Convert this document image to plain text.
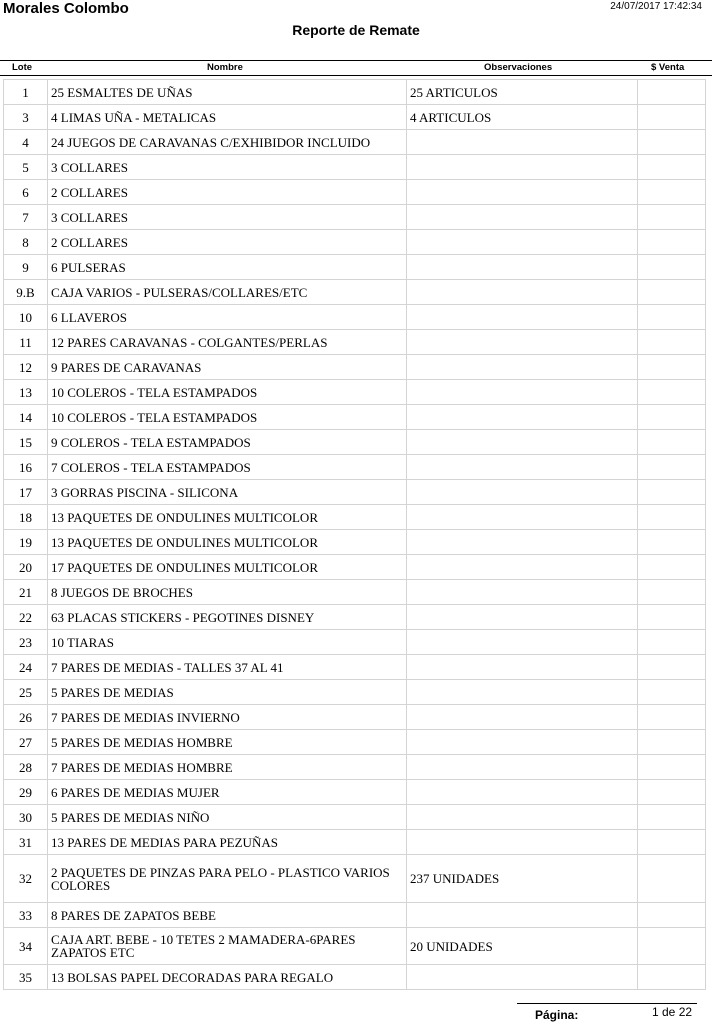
Morales Colombo	24/07/2017 17:42:34
Reporte de Remate
Lote	Nombre	Observaciones	$ Venta
1	25 ESMALTES DE UÑAS	25 ARTICULOS	
3	4 LIMAS UÑA - METALICAS	4 ARTICULOS	
4	24 JUEGOS DE CARAVANAS C/EXHIBIDOR INCLUIDO		
5	3 COLLARES		
6	2 COLLARES		
7	3 COLLARES		
8	2 COLLARES		
9	6 PULSERAS		
9.B	CAJA VARIOS - PULSERAS/COLLARES/ETC		
10	6 LLAVEROS		
11	12 PARES CARAVANAS - COLGANTES/PERLAS		
12	9 PARES DE CARAVANAS		
13	10 COLEROS - TELA ESTAMPADOS		
14	10 COLEROS - TELA ESTAMPADOS		
15	9 COLEROS - TELA ESTAMPADOS		
16	7 COLEROS - TELA ESTAMPADOS		
17	3 GORRAS PISCINA - SILICONA		
18	13 PAQUETES DE ONDULINES MULTICOLOR		
19	13 PAQUETES DE ONDULINES MULTICOLOR		
20	17 PAQUETES DE ONDULINES MULTICOLOR		
21	8 JUEGOS DE BROCHES		
22	63 PLACAS STICKERS - PEGOTINES DISNEY		
23	10 TIARAS		
24	7 PARES DE MEDIAS - TALLES 37 AL 41		
25	5 PARES DE MEDIAS		
26	7 PARES DE MEDIAS INVIERNO		
27	5 PARES DE MEDIAS HOMBRE		
28	7 PARES DE MEDIAS HOMBRE		
29	6 PARES DE MEDIAS MUJER		
30	5 PARES DE MEDIAS NIÑO		
31	13 PARES DE MEDIAS PARA PEZUÑAS		
32	2 PAQUETES DE PINZAS PARA PELO - PLASTICO VARIOS COLORES	237 UNIDADES	
33	8 PARES DE ZAPATOS BEBE		
34	CAJA ART. BEBE - 10 TETES 2 MAMADERA-6PARES ZAPATOS ETC	20 UNIDADES	
35	13 BOLSAS PAPEL DECORADAS PARA REGALO		
Página:	1 de 22
